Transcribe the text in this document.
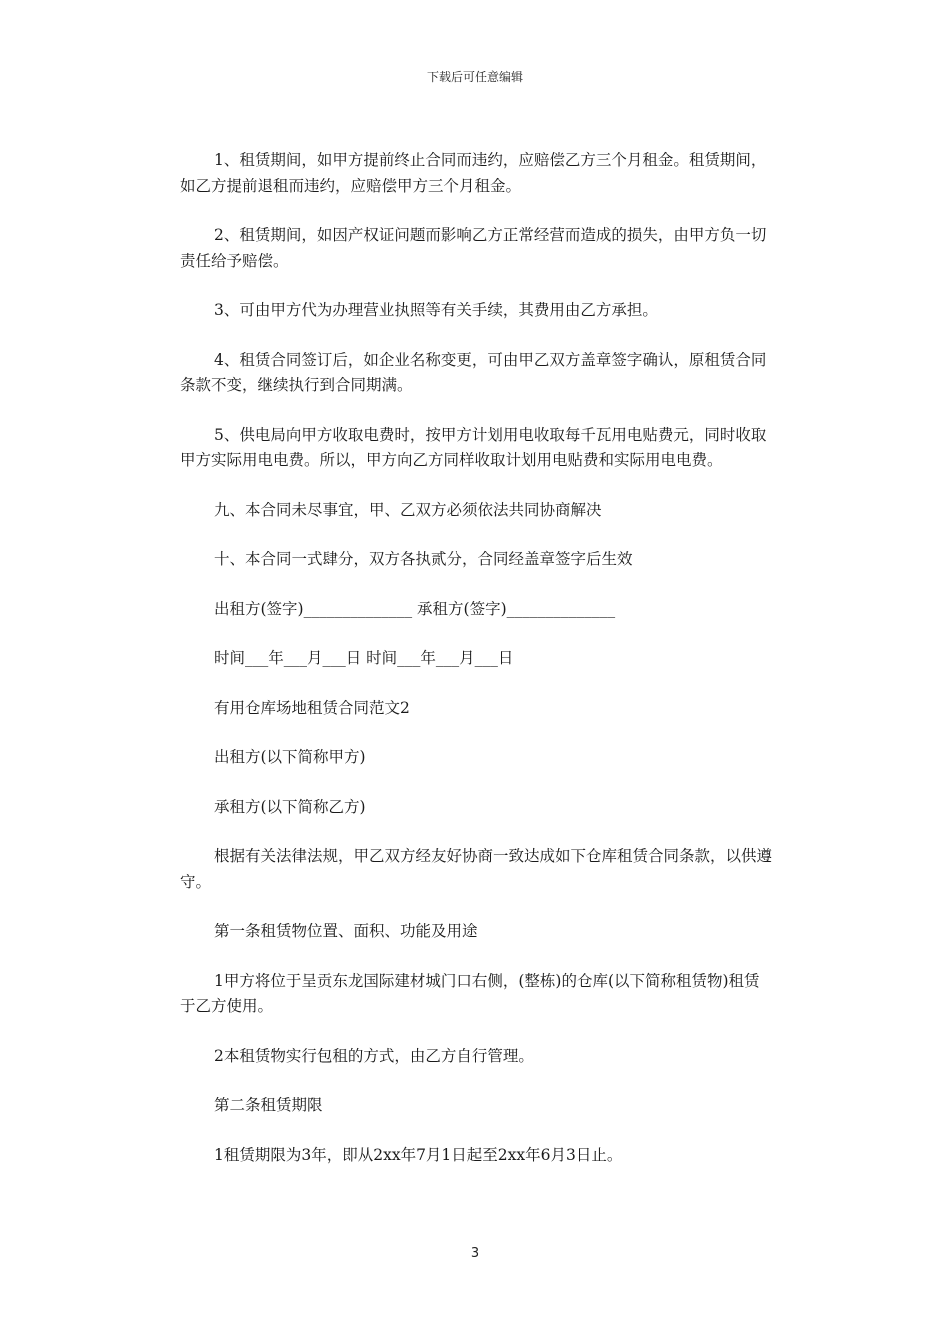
下载后可任意编辑

1、租赁期间，如甲方提前终止合同而违约，应赔偿乙方三个月租金。租赁期间，如乙方提前退租而违约，应赔偿甲方三个月租金。

2、租赁期间，如因产权证问题而影响乙方正常经营而造成的损失，由甲方负一切责任给予赔偿。

3、可由甲方代为办理营业执照等有关手续，其费用由乙方承担。

4、租赁合同签订后，如企业名称变更，可由甲乙双方盖章签字确认，原租赁合同条款不变，继续执行到合同期满。

5、供电局向甲方收取电费时，按甲方计划用电收取每千瓦用电贴费元，同时收取甲方实际用电电费。所以，甲方向乙方同样收取计划用电贴费和实际用电电费。

九、本合同未尽事宜，甲、乙双方必须依法共同协商解决

十、本合同一式肆分，双方各执贰分，合同经盖章签字后生效

出租方(签字)______________ 承租方(签字)______________

时间___年___月___日 时间___年___月___日

有用仓库场地租赁合同范文2

出租方(以下简称甲方)

承租方(以下简称乙方)

根据有关法律法规，甲乙双方经友好协商一致达成如下仓库租赁合同条款，以供遵守。

第一条租赁物位置、面积、功能及用途

1甲方将位于呈贡东龙国际建材城门口右侧，(整栋)的仓库(以下简称租赁物)租赁于乙方使用。

2本租赁物实行包租的方式，由乙方自行管理。

第二条租赁期限

1租赁期限为3年，即从2xx年7月1日起至2xx年6月3日止。

3
